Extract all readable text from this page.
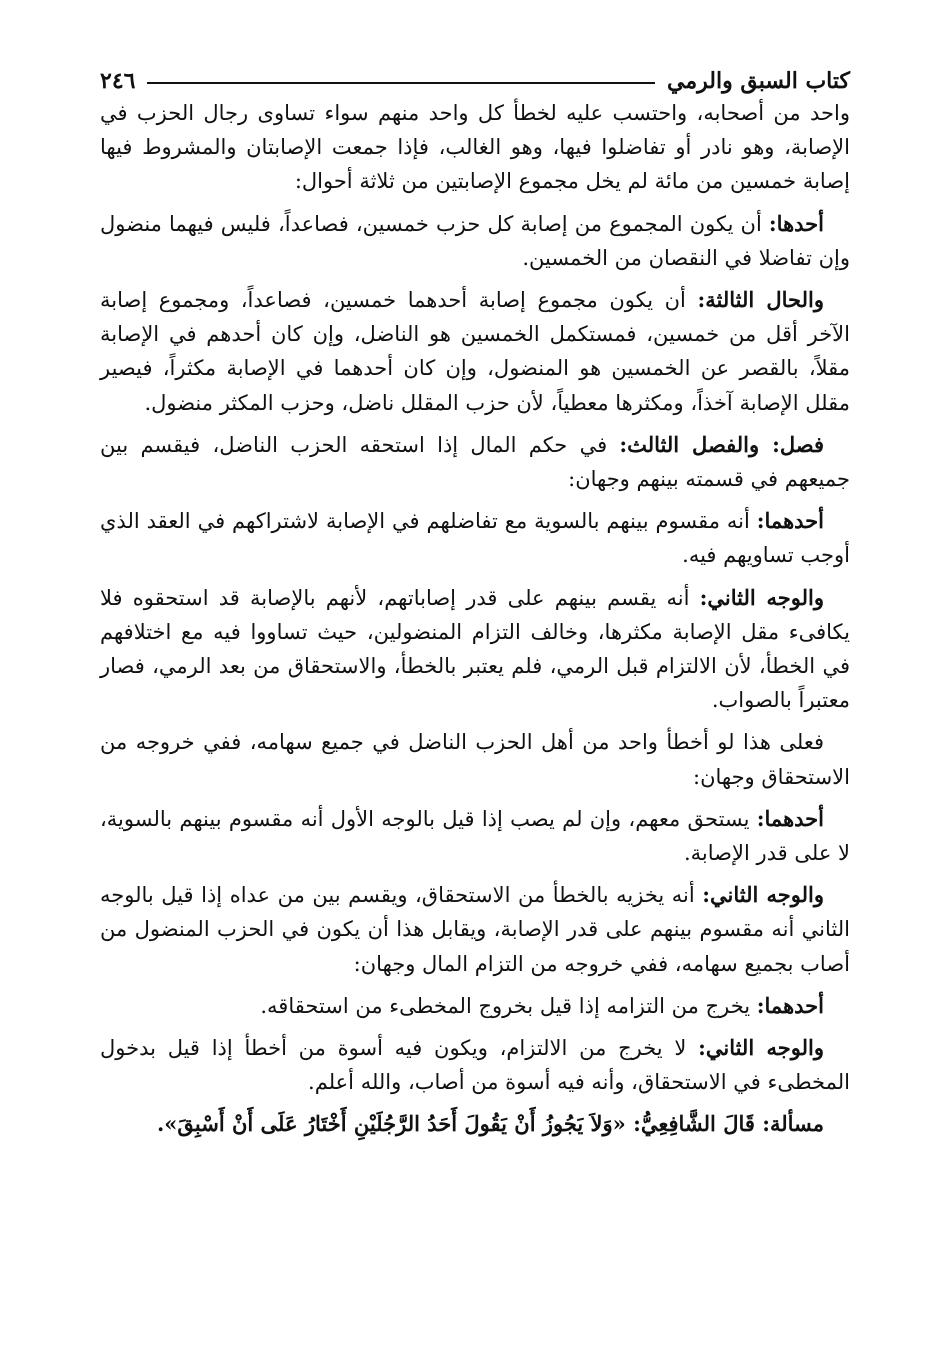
كتاب السبق والرمي
٢٤٦

واحد من أصحابه، واحتسب عليه لخطأ كل واحد منهم سواء تساوى رجال الحزب في الإصابة، وهو نادر أو تفاضلوا فيها، وهو الغالب، فإذا جمعت الإصابتان والمشروط فيها إصابة خمسين من مائة لم يخل مجموع الإصابتين من ثلاثة أحوال:

أحدها: أن يكون المجموع من إصابة كل حزب خمسين، فصاعداً، فليس فيهما منضول وإن تفاضلا في النقصان من الخمسين.

والحال الثالثة: أن يكون مجموع إصابة أحدهما خمسين، فصاعداً، ومجموع إصابة الآخر أقل من خمسين، فمستكمل الخمسين هو الناضل، وإن كان أحدهم في الإصابة مقلاً، بالقصر عن الخمسين هو المنضول، وإن كان أحدهما في الإصابة مكثراً، فيصير مقلل الإصابة آخذاً، ومكثرها معطياً، لأن حزب المقلل ناضل، وحزب المكثر منضول.

فصل: والفصل الثالث: في حكم المال إذا استحقه الحزب الناضل، فيقسم بين جميعهم في قسمته بينهم وجهان:

أحدهما: أنه مقسوم بينهم بالسوية مع تفاضلهم في الإصابة لاشتراكهم في العقد الذي أوجب تساويهم فيه.

والوجه الثاني: أنه يقسم بينهم على قدر إصاباتهم، لأنهم بالإصابة قد استحقوه فلا يكافىء مقل الإصابة مكثرها، وخالف التزام المنضولين، حيث تساووا فيه مع اختلافهم في الخطأ، لأن الالتزام قبل الرمي، فلم يعتبر بالخطأ، والاستحقاق من بعد الرمي، فصار معتبراً بالصواب.

فعلى هذا لو أخطأ واحد من أهل الحزب الناضل في جميع سهامه، ففي خروجه من الاستحقاق وجهان:

أحدهما: يستحق معهم، وإن لم يصب إذا قيل بالوجه الأول أنه مقسوم بينهم بالسوية، لا على قدر الإصابة.

والوجه الثاني: أنه يخزيه بالخطأ من الاستحقاق، ويقسم بين من عداه إذا قيل بالوجه الثاني أنه مقسوم بينهم على قدر الإصابة، ويقابل هذا أن يكون في الحزب المنضول من أصاب بجميع سهامه، ففي خروجه من التزام المال وجهان:

أحدهما: يخرج من التزامه إذا قيل بخروج المخطىء من استحقاقه.

والوجه الثاني: لا يخرج من الالتزام، ويكون فيه أسوة من أخطأ إذا قيل بدخول المخطىء في الاستحقاق، وأنه فيه أسوة من أصاب، والله أعلم.

مسألة: قَالَ الشَّافِعِيُّ: «وَلاَ يَجُوزُ أَنْ يَقُولَ أَحَدُ الرَّجُلَيْنِ أَخْتَارُ عَلَى أَنْ أَسْبِقَ».
